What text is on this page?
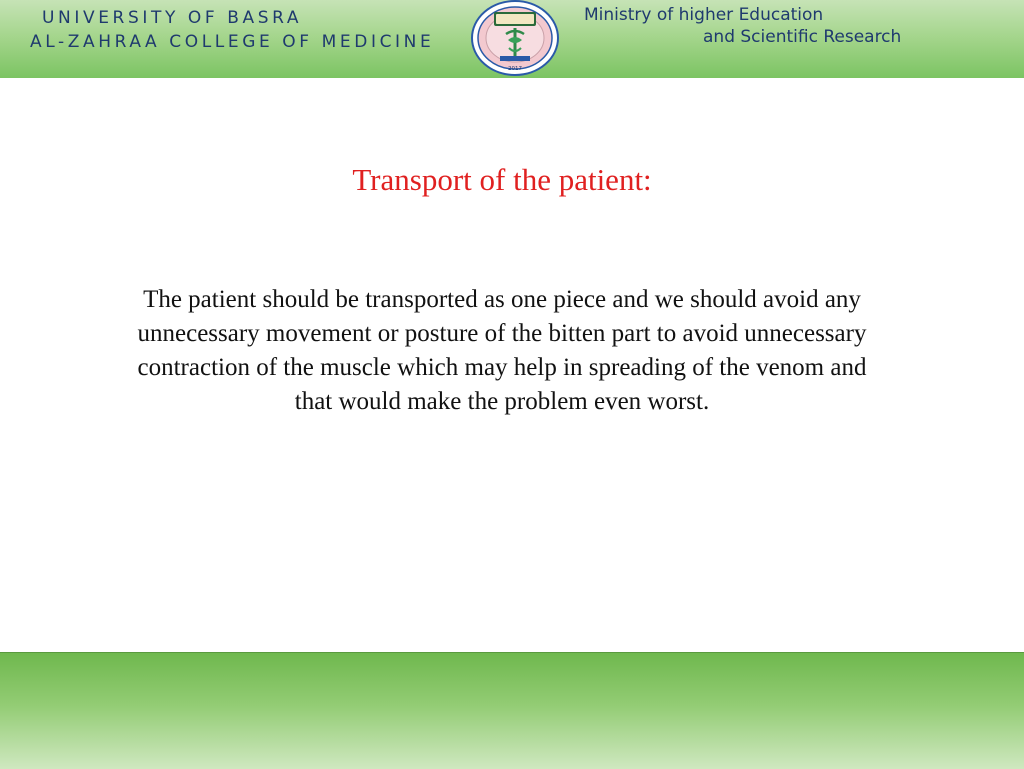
UNIVERSITY OF BASRA
AL-ZAHRAA COLLEGE OF MEDICINE
2017
Ministry of higher Education
and Scientific Research
Transport of the patient:
The patient should be transported as one piece and we should avoid any unnecessary movement or posture of the bitten part to avoid unnecessary contraction of the muscle which may help in spreading of the venom and that would make the problem even worst.
